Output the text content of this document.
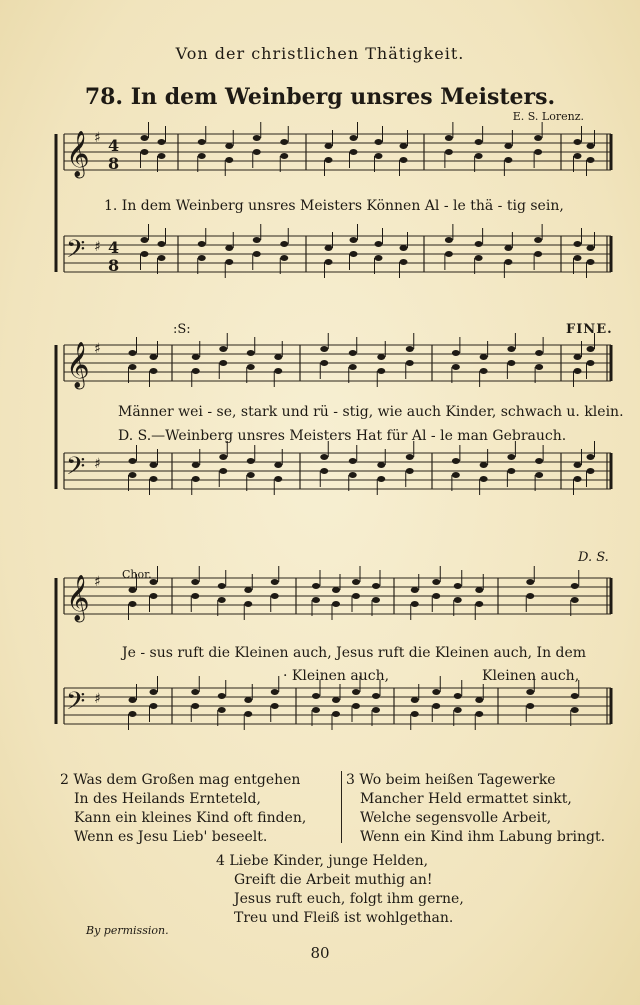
Von der christlichen Thätigkeit.
78. In dem Weinberg unsres Meisters.
E. S. Lorenz.
𝄞 ♯ 4
8
𝄢 ♯ 4
8
𝄞 ♯
𝄢 ♯
𝄞 ♯
𝄢 ♯
:S:	FINE.
Chor.
D. S.
1. In dem Weinberg unsres Meisters Können Al - le thä - tig sein,
Männer wei - se, stark und rü - stig, wie auch Kinder, schwach u. klein.
D. S.—Weinberg unsres Meisters Hat für Al - le man Gebrauch.
Je - sus ruft die Kleinen auch, Jesus ruft die Kleinen auch, In dem
· Kleinen auch,	Kleinen auch,
2 Was dem Großen mag entgehen
In des Heilands Ernteteld,
Kann ein kleines Kind oft finden,
Wenn es Jesu Lieb' beseelt.
3 Wo beim heißen Tagewerke
Mancher Held ermattet sinkt,
Welche segensvolle Arbeit,
Wenn ein Kind ihm Labung bringt.
4 Liebe Kinder, junge Helden,
Greift die Arbeit muthig an!
Jesus ruft euch, folgt ihm gerne,
Treu und Fleiß ist wohlgethan.
By permission.
80
